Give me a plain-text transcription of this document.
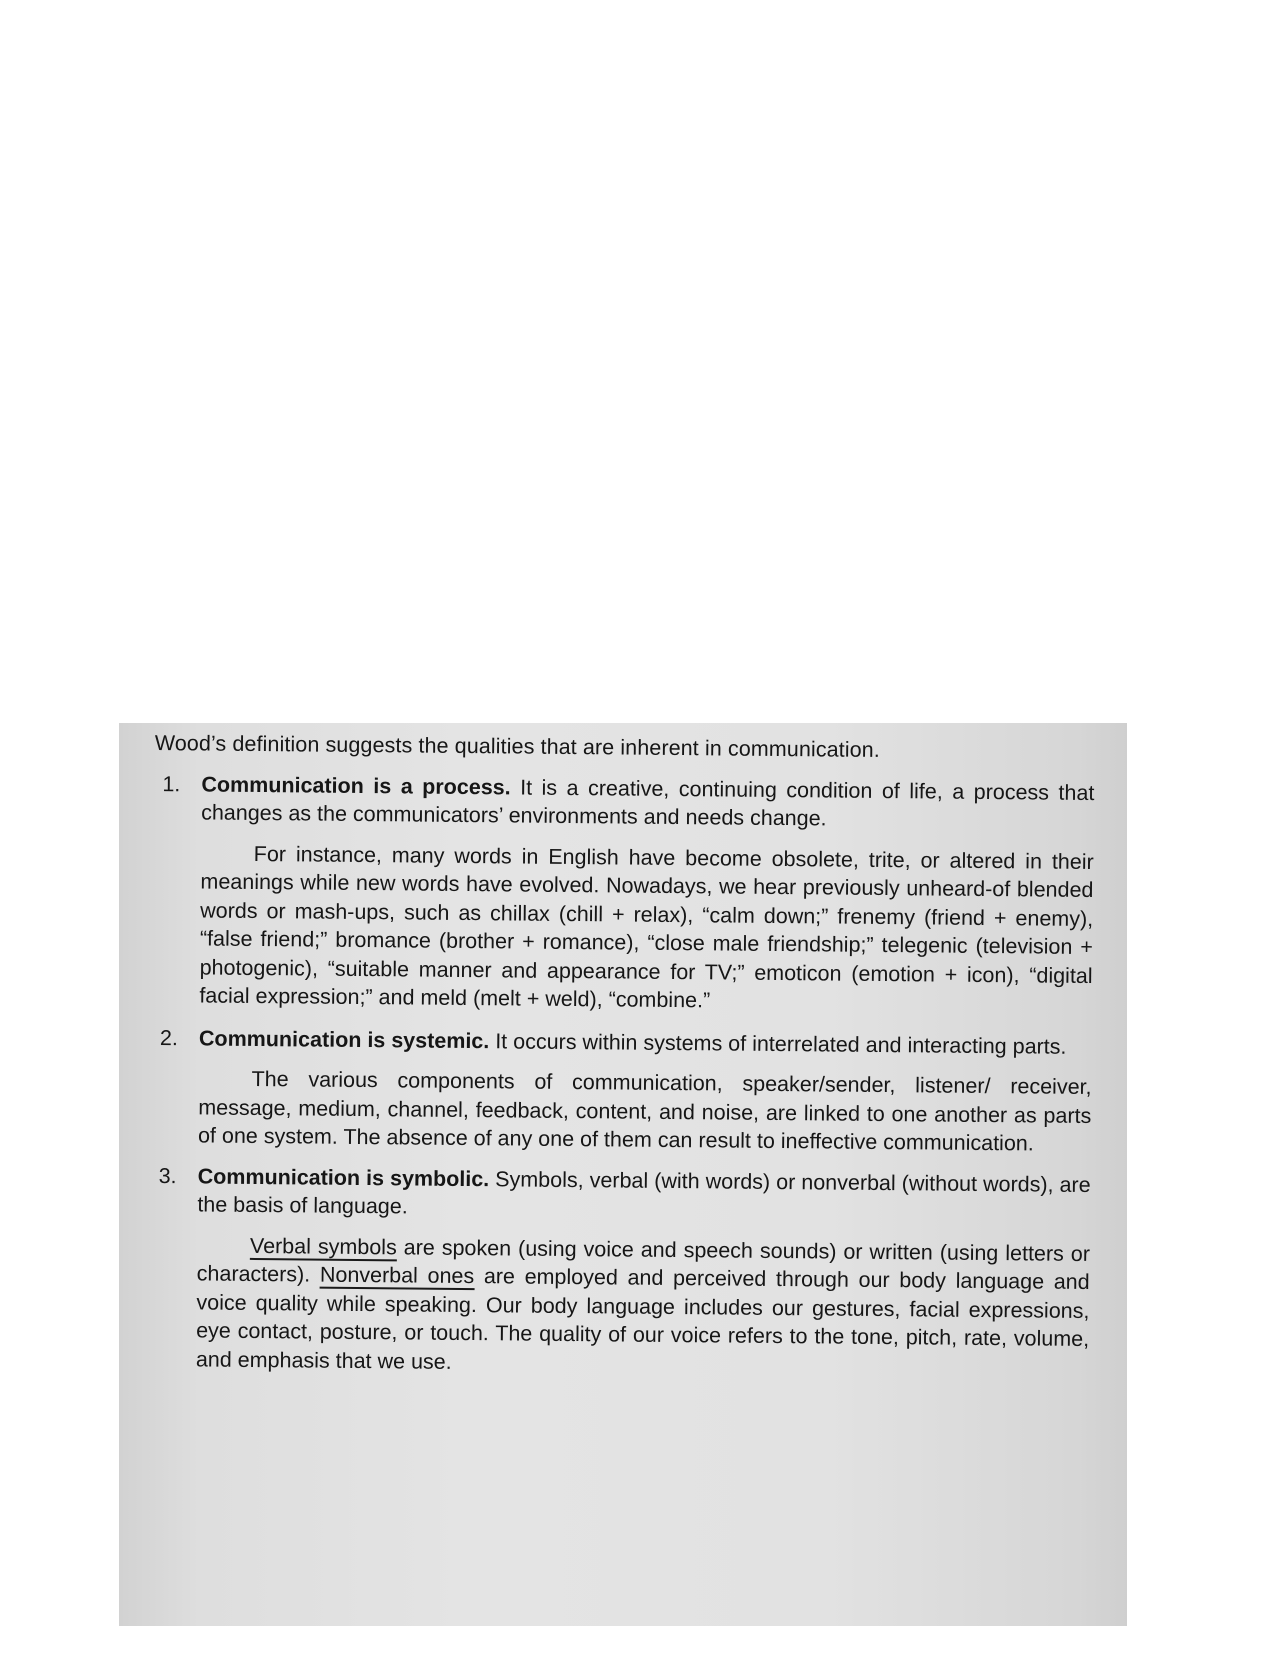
Wood’s definition suggests the qualities that are inherent in communication.

1. Communication is a process. It is a creative, continuing condition of life, a process that changes as the communicators’ environments and needs change.

For instance, many words in English have become obsolete, trite, or altered in their meanings while new words have evolved. Nowadays, we hear previously unheard-of blended words or mash-ups, such as chillax (chill + relax), “calm down;” frenemy (friend + enemy), “false friend;” bromance (brother + romance), “close male friendship;” telegenic (television + photogenic), “suitable manner and appearance for TV;” emoticon (emotion + icon), “digital facial expression;” and meld (melt + weld), “combine.”

2. Communication is systemic. It occurs within systems of interrelated and interacting parts.

The various components of communication, speaker/sender, listener/ receiver, message, medium, channel, feedback, content, and noise, are linked to one another as parts of one system. The absence of any one of them can result to ineffective communication.

3. Communication is symbolic. Symbols, verbal (with words) or nonverbal (without words), are the basis of language.

Verbal symbols are spoken (using voice and speech sounds) or written (using letters or characters). Nonverbal ones are employed and perceived through our body language and voice quality while speaking. Our body language includes our gestures, facial expressions, eye contact, posture, or touch. The quality of our voice refers to the tone, pitch, rate, volume, and emphasis that we use.
